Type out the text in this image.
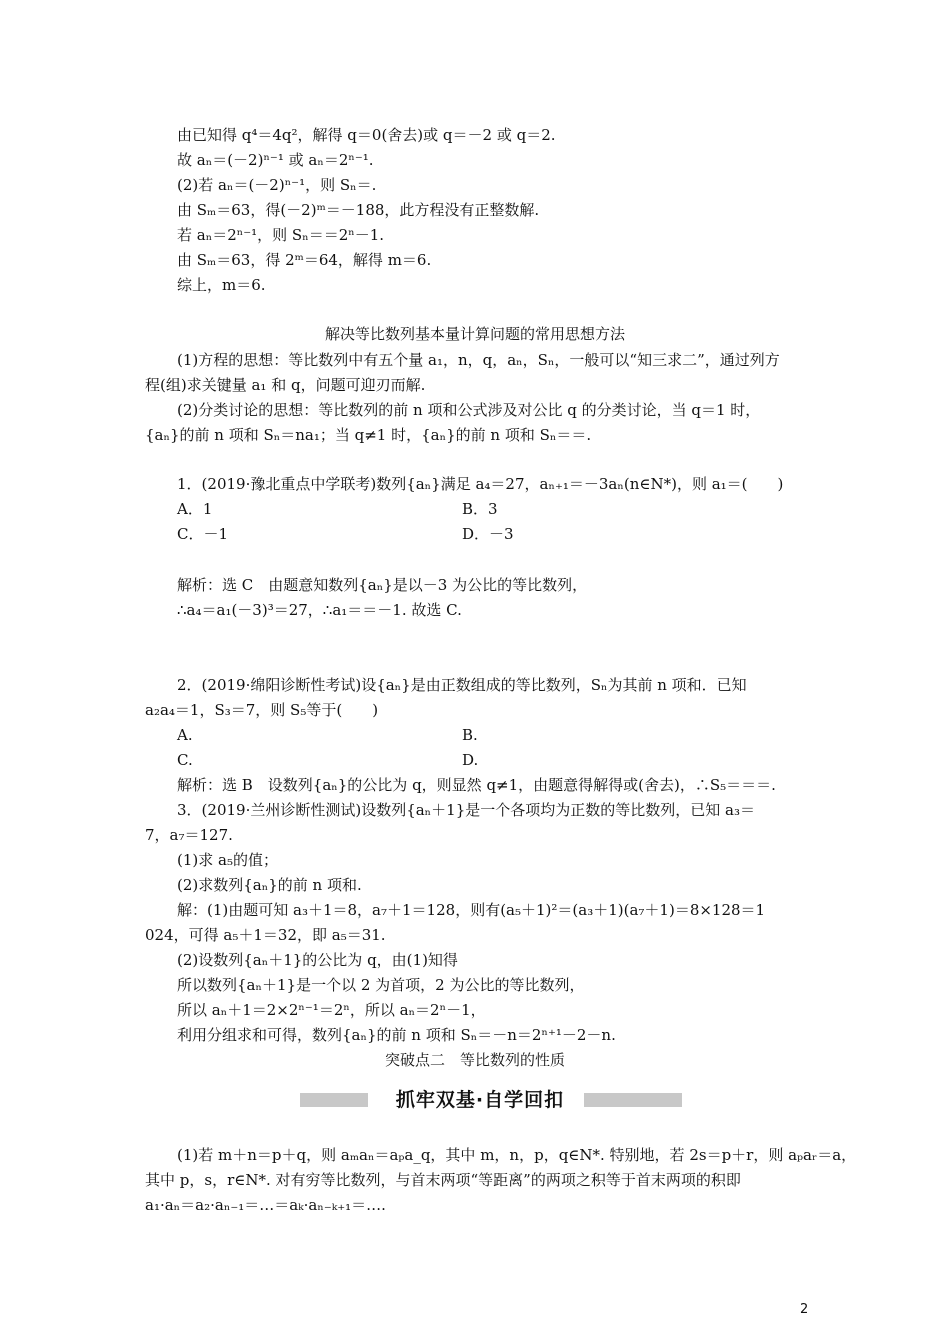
由已知得 q⁴＝4q²，解得 q＝0(舍去)或 q＝－2 或 q＝2.
故 aₙ＝(－2)ⁿ⁻¹ 或 aₙ＝2ⁿ⁻¹.
(2)若 aₙ＝(－2)ⁿ⁻¹，则 Sₙ＝.
由 Sₘ＝63，得(－2)ᵐ＝－188，此方程没有正整数解.
若 aₙ＝2ⁿ⁻¹，则 Sₙ＝＝2ⁿ－1.
由 Sₘ＝63，得 2ᵐ＝64，解得 m＝6.
综上，m＝6.
解决等比数列基本量计算问题的常用思想方法
(1)方程的思想：等比数列中有五个量 a₁，n，q，aₙ，Sₙ，一般可以“知三求二”，通过列方
程(组)求关键量 a₁ 和 q，问题可迎刃而解.
(2)分类讨论的思想：等比数列的前 n 项和公式涉及对公比 q 的分类讨论，当 q＝1 时，
{aₙ}的前 n 项和 Sₙ＝na₁；当 q≠1 时，{aₙ}的前 n 项和 Sₙ＝＝.
1．(2019·豫北重点中学联考)数列{aₙ}满足 a₄＝27，aₙ₊₁＝－3aₙ(n∈N*)，则 a₁＝(　　)
A．1	B．3
C．－1	D．－3
解析：选 C　由题意知数列{aₙ}是以－3 为公比的等比数列，
∴a₄＝a₁(－3)³＝27，∴a₁＝＝－1. 故选 C.
2．(2019·绵阳诊断性考试)设{aₙ}是由正数组成的等比数列，Sₙ为其前 n 项和．已知
a₂a₄＝1，S₃＝7，则 S₅等于(　　)
A.	B.
C.	D.
解析：选 B　设数列{aₙ}的公比为 q，则显然 q≠1，由题意得解得或(舍去)，∴S₅＝＝＝.
3．(2019·兰州诊断性测试)设数列{aₙ＋1}是一个各项均为正数的等比数列，已知 a₃＝
7，a₇＝127.
(1)求 a₅的值；
(2)求数列{aₙ}的前 n 项和.
解：(1)由题可知 a₃＋1＝8，a₇＋1＝128，则有(a₅＋1)²＝(a₃＋1)(a₇＋1)＝8×128＝1
024，可得 a₅＋1＝32，即 a₅＝31.
(2)设数列{aₙ＋1}的公比为 q，由(1)知得
所以数列{aₙ＋1}是一个以 2 为首项，2 为公比的等比数列，
所以 aₙ＋1＝2×2ⁿ⁻¹＝2ⁿ，所以 aₙ＝2ⁿ－1，
利用分组求和可得，数列{aₙ}的前 n 项和 Sₙ＝－n＝2ⁿ⁺¹－2－n.
突破点二　等比数列的性质
抓牢双基·自学回扣
(1)若 m＋n＝p＋q，则 aₘaₙ＝aₚa_q，其中 m，n，p，q∈N*. 特别地，若 2s＝p＋r，则 aₚaᵣ＝a，
其中 p，s，r∈N*. 对有穷等比数列，与首末两项“等距离”的两项之积等于首末两项的积即
a₁·aₙ＝a₂·aₙ₋₁＝…＝aₖ·aₙ₋ₖ₊₁＝….
2
